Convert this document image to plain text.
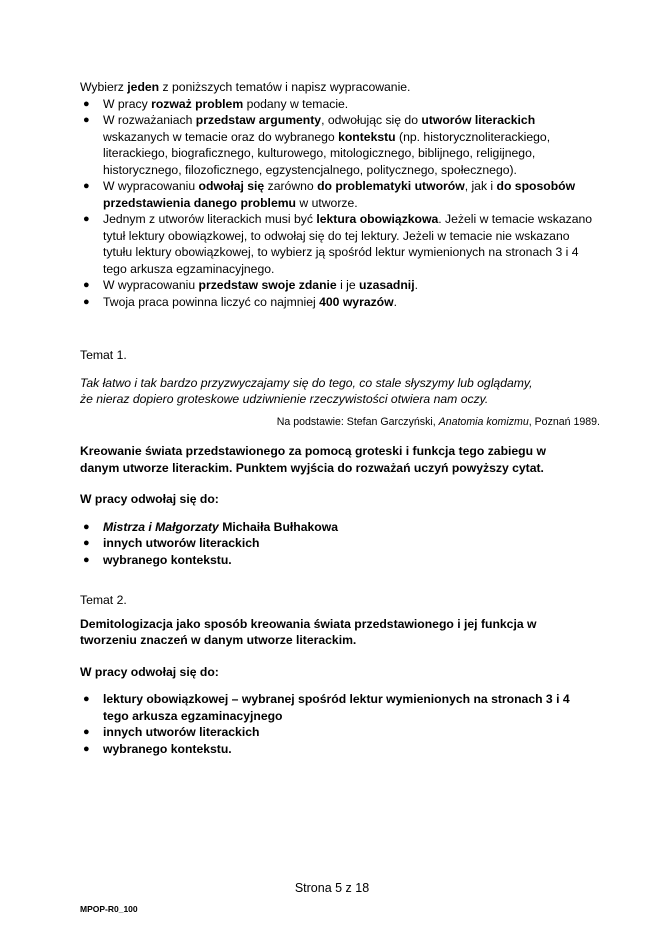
Wybierz jeden z poniższych tematów i napisz wypracowanie.

● W pracy rozważ problem podany w temacie.
● W rozważaniach przedstaw argumenty, odwołując się do utworów literackich wskazanych w temacie oraz do wybranego kontekstu (np. historycznoliterackiego, literackiego, biograficznego, kulturowego, mitologicznego, biblijnego, religijnego, historycznego, filozoficznego, egzystencjalnego, politycznego, społecznego).
● W wypracowaniu odwołaj się zarówno do problematyki utworów, jak i do sposobów przedstawienia danego problemu w utworze.
● Jednym z utworów literackich musi być lektura obowiązkowa. Jeżeli w temacie wskazano tytuł lektury obowiązkowej, to odwołaj się do tej lektury. Jeżeli w temacie nie wskazano tytułu lektury obowiązkowej, to wybierz ją spośród lektur wymienionych na stronach 3 i 4 tego arkusza egzaminacyjnego.
● W wypracowaniu przedstaw swoje zdanie i je uzasadnij.
● Twoja praca powinna liczyć co najmniej 400 wyrazów.

Temat 1.

Tak łatwo i tak bardzo przyzwyczajamy się do tego, co stale słyszymy lub oglądamy,

że nieraz dopiero groteskowe udziwnienie rzeczywistości otwiera nam oczy.

Na podstawie: Stefan Garczyński, Anatomia komizmu, Poznań 1989.

Kreowanie świata przedstawionego za pomocą groteski i funkcja tego zabiegu w danym utworze literackim. Punktem wyjścia do rozważań uczyń powyższy cytat.

W pracy odwołaj się do:

● Mistrza i Małgorzaty Michaiła Bułhakowa
● innych utworów literackich
● wybranego kontekstu.

Temat 2.

Demitologizacja jako sposób kreowania świata przedstawionego i jej funkcja w tworzeniu znaczeń w danym utworze literackim.

W pracy odwołaj się do:

● lektury obowiązkowej – wybranej spośród lektur wymienionych na stronach 3 i 4 tego arkusza egzaminacyjnego
● innych utworów literackich
● wybranego kontekstu.
Strona 5 z 18
MPOP-R0_100
